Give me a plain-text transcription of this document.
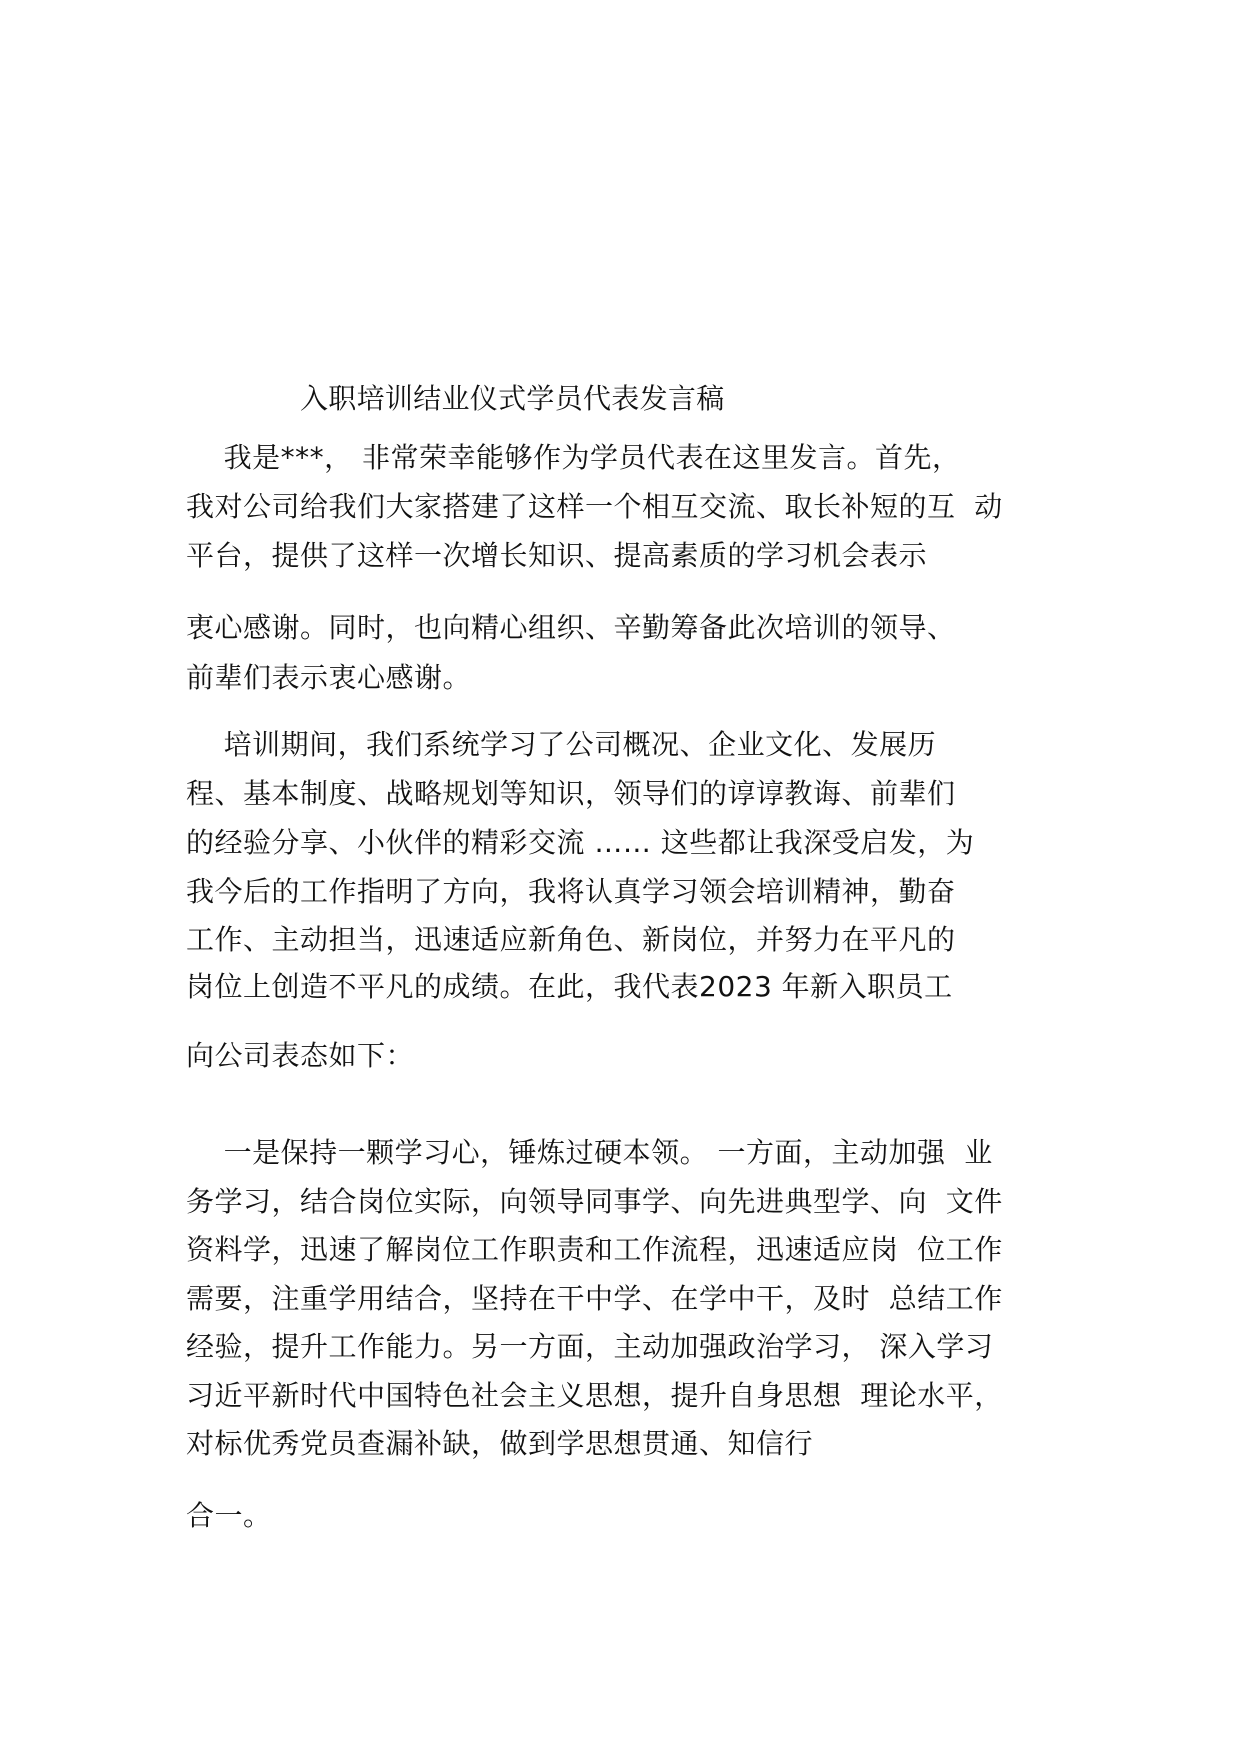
入职培训结业仪式学员代表发言稿
我是***， 非常荣幸能够作为学员代表在这里发言。首先，
我对公司给我们大家搭建了这样一个相互交流、取长补短的互  动
平台，提供了这样一次增长知识、提高素质的学习机会表示
衷心感谢。同时，也向精心组织、辛勤筹备此次培训的领导、
前辈们表示衷心感谢。
培训期间，我们系统学习了公司概况、企业文化、发展历
程、基本制度、战略规划等知识，领导们的谆谆教诲、前辈们
的经验分享、小伙伴的精彩交流 …… 这些都让我深受启发，为
我今后的工作指明了方向，我将认真学习领会培训精神，勤奋
工作、主动担当，迅速适应新角色、新岗位，并努力在平凡的
岗位上创造不平凡的成绩。在此，我代表2023 年新入职员工
向公司表态如下：
一是保持一颗学习心，锤炼过硬本领。 一方面，主动加强  业
务学习，结合岗位实际，向领导同事学、向先进典型学、向  文件
资料学，迅速了解岗位工作职责和工作流程，迅速适应岗  位工作
需要，注重学用结合，坚持在干中学、在学中干，及时  总结工作
经验，提升工作能力。另一方面，主动加强政治学习， 深入学习
习近平新时代中国特色社会主义思想，提升自身思想  理论水平，
对标优秀党员查漏补缺，做到学思想贯通、知信行
合一。
